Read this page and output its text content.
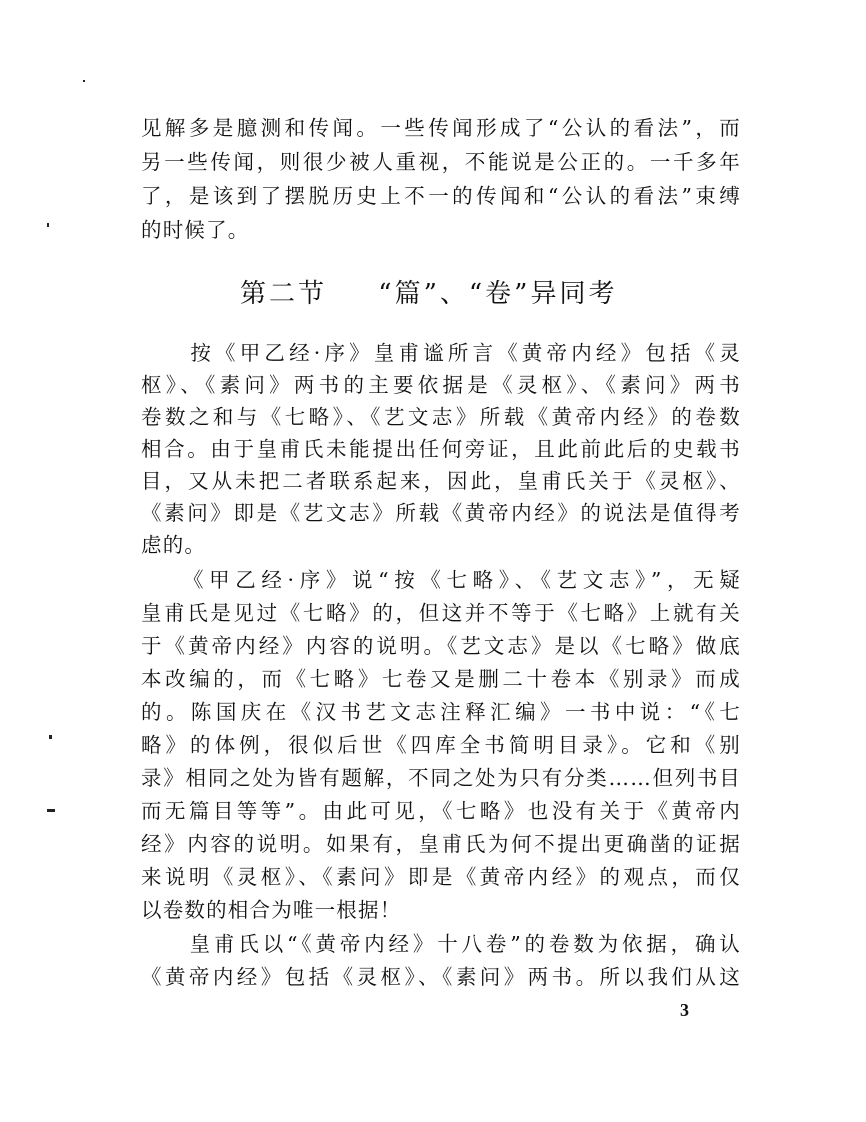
见解多是臆测和传闻。一些传闻形成了“公认的看法”，而
另一些传闻，则很少被人重视，不能说是公正的。一千多年
了，是该到了摆脱历史上不一的传闻和“公认的看法”束缚
的时候了。
第二节 “篇”、“卷”异同考
　　按《甲乙经·序》皇甫谧所言《黄帝内经》包括《灵
枢》、《素问》两书的主要依据是《灵枢》、《素问》两书
卷数之和与《七略》、《艺文志》所载《黄帝内经》的卷数
相合。由于皇甫氏未能提出任何旁证，且此前此后的史载书
目，又从未把二者联系起来，因此，皇甫氏关于《灵枢》、
《素问》即是《艺文志》所载《黄帝内经》的说法是值得考
虑的。
　　《甲乙经·序》说“按《七略》、《艺文志》”，无疑
皇甫氏是见过《七略》的，但这并不等于《七略》上就有关
于《黄帝内经》内容的说明。《艺文志》是以《七略》做底
本改编的，而《七略》七卷又是删二十卷本《别录》而成
的。陈国庆在《汉书艺文志注释汇编》一书中说：“《七
略》的体例，很似后世《四库全书简明目录》。它和《别
录》相同之处为皆有题解，不同之处为只有分类……但列书目
而无篇目等等”。由此可见，《七略》也没有关于《黄帝内
经》内容的说明。如果有，皇甫氏为何不提出更确凿的证据
来说明《灵枢》、《素问》即是《黄帝内经》的观点，而仅
以卷数的相合为唯一根据！
　　皇甫氏以“《黄帝内经》十八卷”的卷数为依据，确认
《黄帝内经》包括《灵枢》、《素问》两书。所以我们从这
3
